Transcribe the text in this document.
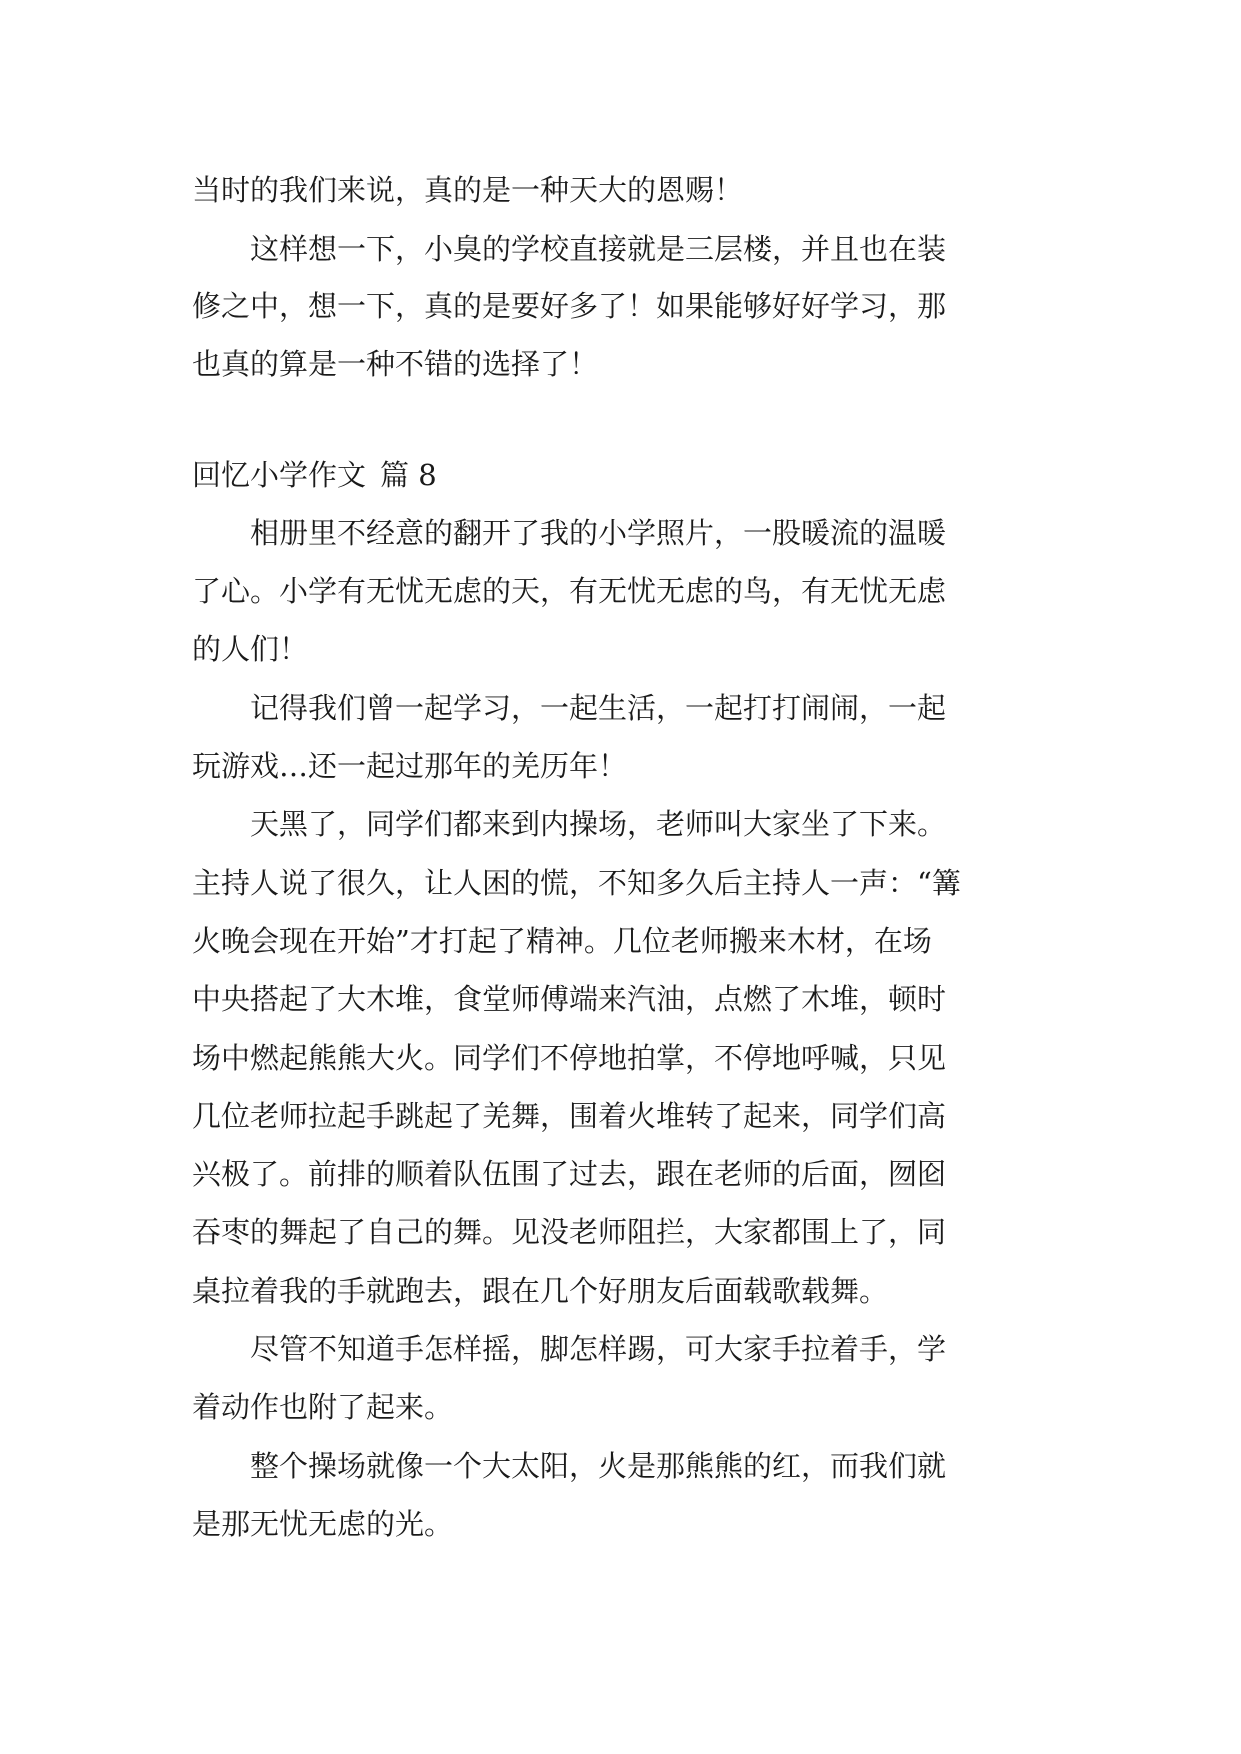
当时的我们来说，真的是一种天大的恩赐！
这样想一下，小臭的学校直接就是三层楼，并且也在装
修之中，想一下，真的是要好多了！如果能够好好学习，那
也真的算是一种不错的选择了！
回忆小学作文 篇 8
相册里不经意的翻开了我的小学照片，一股暖流的温暖
了心。小学有无忧无虑的天，有无忧无虑的鸟，有无忧无虑
的人们！
记得我们曾一起学习，一起生活，一起打打闹闹，一起
玩游戏…还一起过那年的羌历年！
天黑了，同学们都来到内操场，老师叫大家坐了下来。
主持人说了很久，让人困的慌，不知多久后主持人一声：“篝
火晚会现在开始”才打起了精神。几位老师搬来木材，在场
中央搭起了大木堆，食堂师傅端来汽油，点燃了木堆，顿时
场中燃起熊熊大火。同学们不停地拍掌，不停地呼喊，只见
几位老师拉起手跳起了羌舞，围着火堆转了起来，同学们高
兴极了。前排的顺着队伍围了过去，跟在老师的后面，囫囵
吞枣的舞起了自己的舞。见没老师阻拦，大家都围上了，同
桌拉着我的手就跑去，跟在几个好朋友后面载歌载舞。
尽管不知道手怎样摇，脚怎样踢，可大家手拉着手，学
着动作也附了起来。
整个操场就像一个大太阳，火是那熊熊的红，而我们就
是那无忧无虑的光。
